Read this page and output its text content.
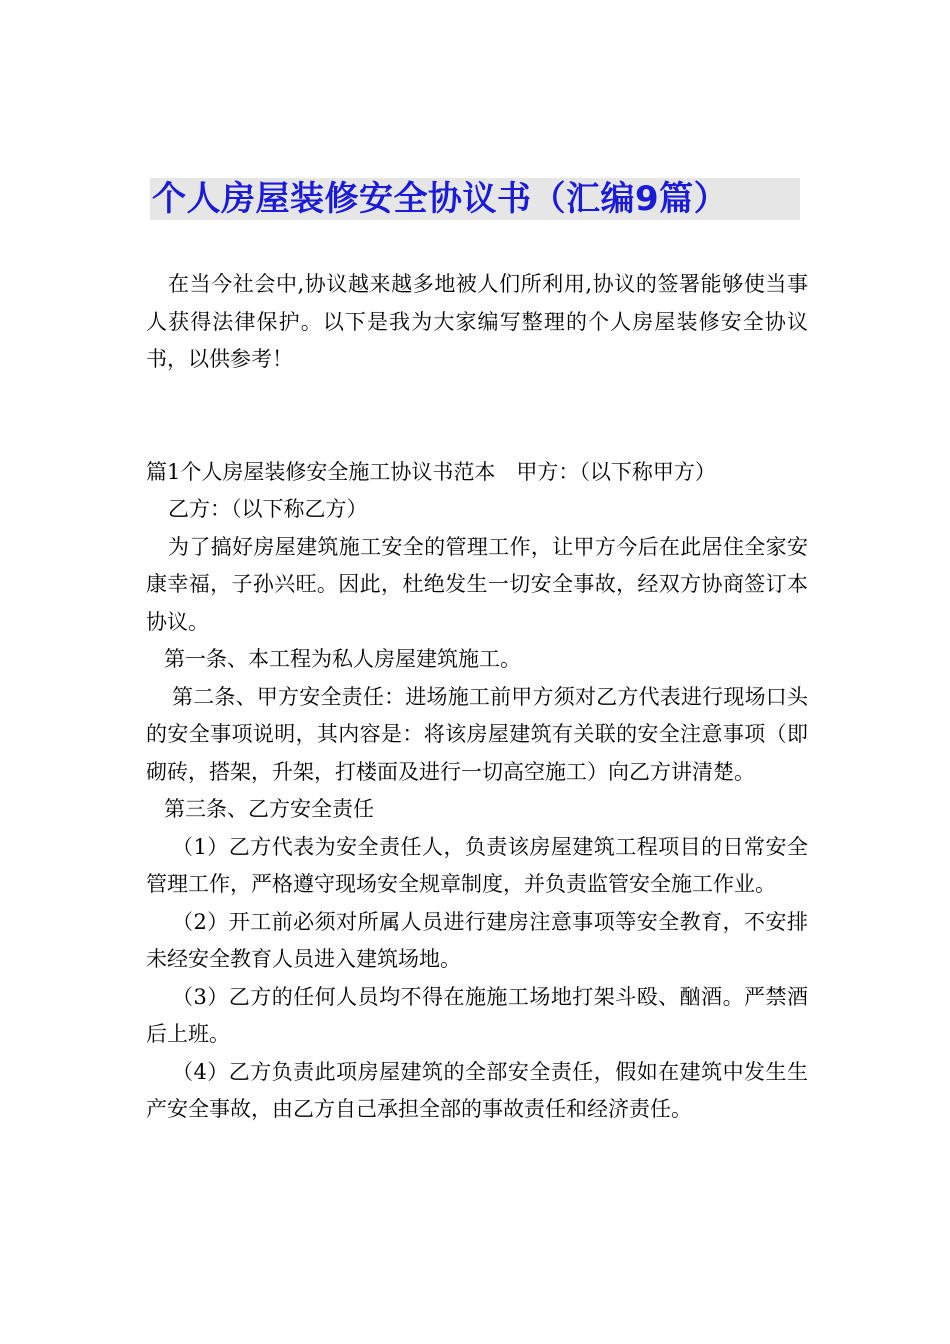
个人房屋装修安全协议书（汇编9篇）

在当今社会中,协议越来越多地被人们所利用,协议的签署能够使当事人获得法律保护。以下是我为大家编写整理的个人房屋装修安全协议书，以供参考！

篇1个人房屋装修安全施工协议书范本　甲方：（以下称甲方）

乙方：（以下称乙方）

为了搞好房屋建筑施工安全的管理工作，让甲方今后在此居住全家安康幸福，子孙兴旺。因此，杜绝发生一切安全事故，经双方协商签订本协议。

第一条、本工程为私人房屋建筑施工。

第二条、甲方安全责任：进场施工前甲方须对乙方代表进行现场口头的安全事项说明，其内容是：将该房屋建筑有关联的安全注意事项（即砌砖，搭架，升架，打楼面及进行一切高空施工）向乙方讲清楚。

第三条、乙方安全责任

（1）乙方代表为安全责任人，负责该房屋建筑工程项目的日常安全管理工作，严格遵守现场安全规章制度，并负责监管安全施工作业。

（2）开工前必须对所属人员进行建房注意事项等安全教育，不安排未经安全教育人员进入建筑场地。

（3）乙方的任何人员均不得在施施工场地打架斗殴、酗酒。严禁酒后上班。

（4）乙方负责此项房屋建筑的全部安全责任，假如在建筑中发生生产安全事故，由乙方自己承担全部的事故责任和经济责任。
